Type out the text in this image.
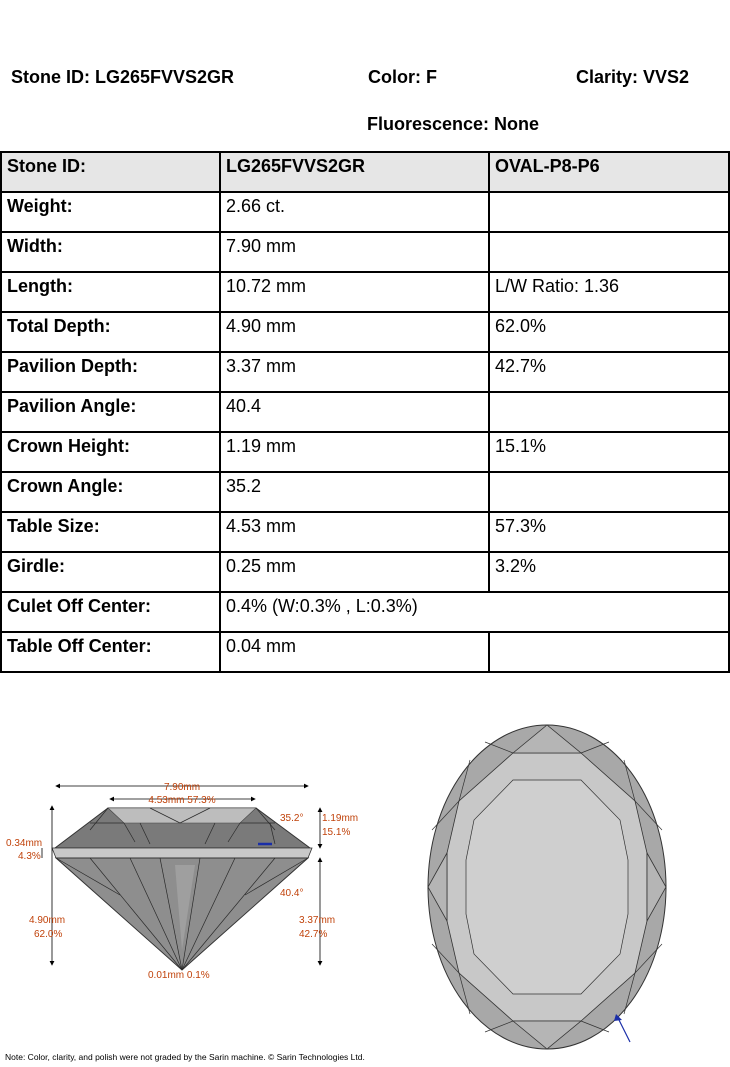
Stone ID: LG265FVVS2GR	Color: F	Clarity: VVS2
Fluorescence: None
Stone ID:	LG265FVVS2GR	OVAL-P8-P6
Weight:	2.66 ct.	
Width:	7.90 mm	
Length:	10.72 mm	L/W Ratio: 1.36
Total Depth:	4.90 mm	62.0%
Pavilion Depth:	3.37 mm	42.7%
Pavilion Angle:	40.4	
Crown Height:	1.19 mm	15.1%
Crown Angle:	35.2	
Table Size:	4.53 mm	57.3%
Girdle:	0.25 mm	3.2%
Culet Off Center:	0.4% (W:0.3% , L:0.3%)	
Table Off Center:	0.04 mm	
7.90mm
4.53mm 57.3%
35.2° 1.19mm
15.1%
0.34mm
4.3%
40.4°
4.90mm
62.0%
3.37mm
42.7%
0.01mm 0.1%
Note: Color, clarity, and polish were not graded by the Sarin machine. © Sarin Technologies Ltd.
